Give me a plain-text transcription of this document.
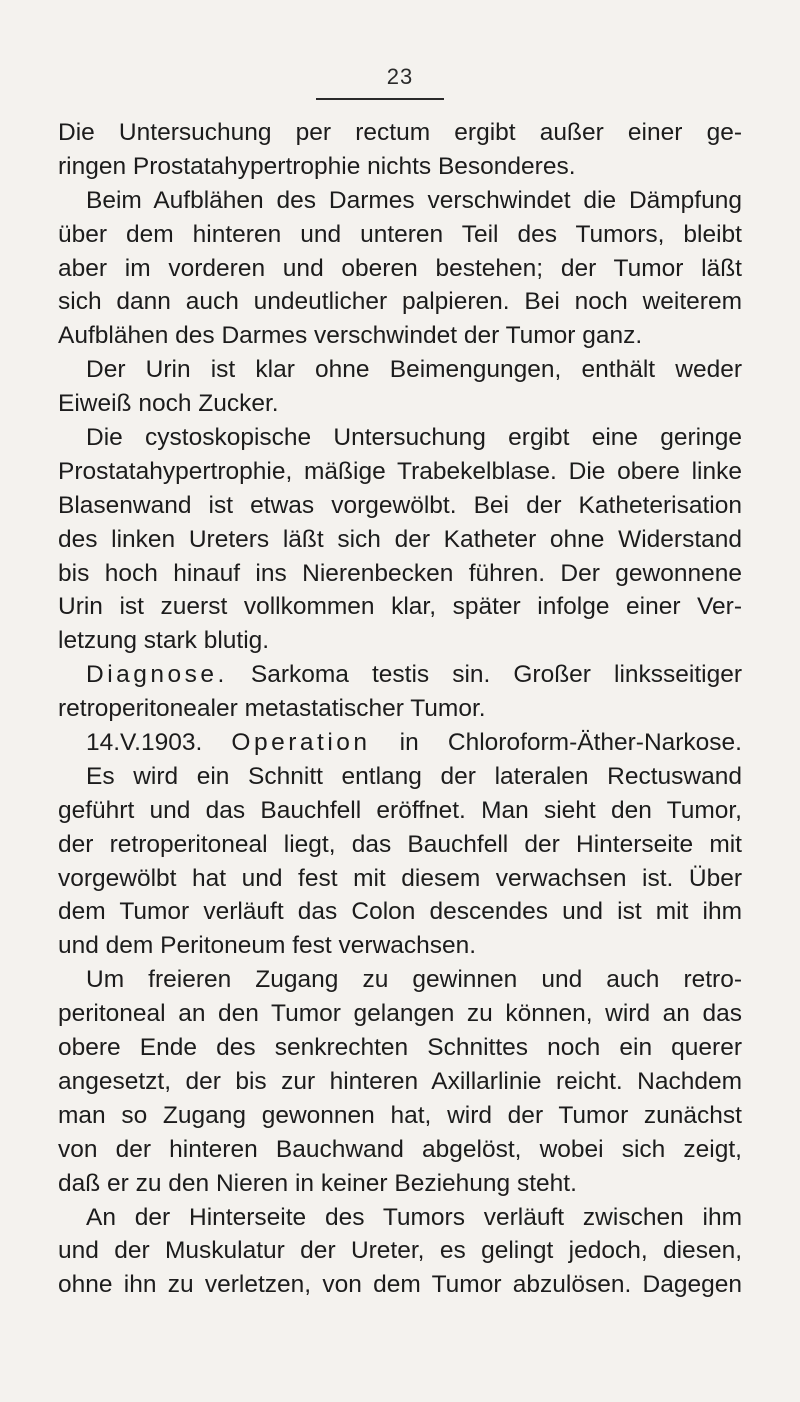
23
Die Untersuchung per rectum ergibt außer einer ge-
ringen Prostatahypertrophie nichts Besonderes.
Beim Aufblähen des Darmes verschwindet die Dämpfung
über dem hinteren und unteren Teil des Tumors, bleibt
aber im vorderen und oberen bestehen; der Tumor läßt
sich dann auch undeutlicher palpieren. Bei noch weiterem
Aufblähen des Darmes verschwindet der Tumor ganz.
Der Urin ist klar ohne Beimengungen, enthält weder
Eiweiß noch Zucker.
Die cystoskopische Untersuchung ergibt eine geringe
Prostatahypertrophie, mäßige Trabekelblase. Die obere linke
Blasenwand ist etwas vorgewölbt. Bei der Katheterisation
des linken Ureters läßt sich der Katheter ohne Widerstand
bis hoch hinauf ins Nierenbecken führen. Der gewonnene
Urin ist zuerst vollkommen klar, später infolge einer Ver-
letzung stark blutig.
Diagnose. Sarkoma testis sin. Großer linksseitiger
retroperitonealer metastatischer Tumor.
14.V.1903. Operation in Chloroform-Äther-Narkose.
Es wird ein Schnitt entlang der lateralen Rectuswand
geführt und das Bauchfell eröffnet. Man sieht den Tumor,
der retroperitoneal liegt, das Bauchfell der Hinterseite mit
vorgewölbt hat und fest mit diesem verwachsen ist. Über
dem Tumor verläuft das Colon descendes und ist mit ihm
und dem Peritoneum fest verwachsen.
Um freieren Zugang zu gewinnen und auch retro-
peritoneal an den Tumor gelangen zu können, wird an das
obere Ende des senkrechten Schnittes noch ein querer
angesetzt, der bis zur hinteren Axillarlinie reicht. Nachdem
man so Zugang gewonnen hat, wird der Tumor zunächst
von der hinteren Bauchwand abgelöst, wobei sich zeigt,
daß er zu den Nieren in keiner Beziehung steht.
An der Hinterseite des Tumors verläuft zwischen ihm
und der Muskulatur der Ureter, es gelingt jedoch, diesen,
ohne ihn zu verletzen, von dem Tumor abzulösen. Dagegen
